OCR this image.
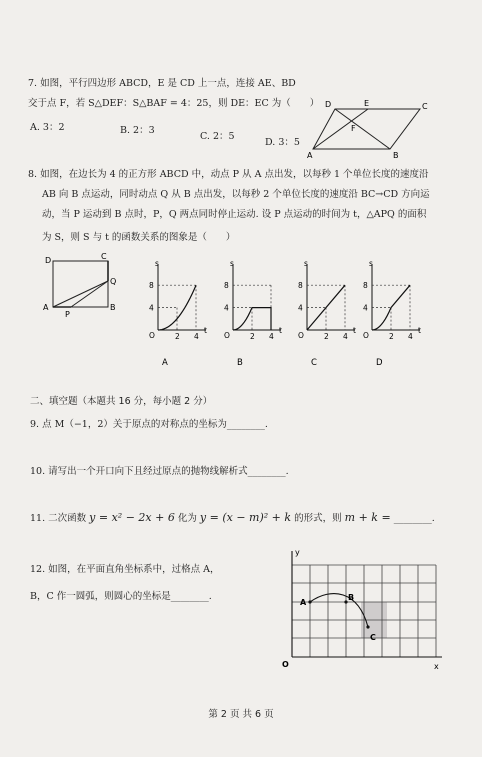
7. 如图，平行四边形 ABCD，E 是 CD 上一点，连接 AE、BD
交于点 F，若 S△DEF：S△BAF = 4：25，则 DE：EC 为（　　）
A. 3：2	B. 2：3
C. 2：5
D. 3：5
D	E	C
F
A	B
8. 如图，在边长为 4 的正方形 ABCD 中，动点 P 从 A 点出发，以每秒 1 个单位长度的速度沿
AB 向 B 点运动，同时动点 Q 从 B 点出发，以每秒 2 个单位长度的速度沿 BC→CD 方向运
动，当 P 运动到 B 点时，P，Q 两点同时停止运动. 设 P 点运动的时间为 t，△APQ 的面积
为 S，则 S 与 t 的函数关系的图象是（　　）
D	C
Q
A
P
B
s
t
O
8
4
2 4
A
s
t
O
8
4
2 4
B
s
t
O
8
4
2 4
C
s
t
O
8
4
2 4
D
二、填空题（本题共 16 分，每小题 2 分）
9. 点 M（−1，2）关于原点的对称点的坐标为________.
10. 请写出一个开口向下且经过原点的抛物线解析式________.
11. 二次函数 y = x² − 2x + 6 化为 y = (x − m)² + k 的形式，则 m + k = ________.
12. 如图，在平面直角坐标系中，过格点 A，
B，C 作一圆弧，则圆心的坐标是________.
y
x
O
A
B
C
第 2 页 共 6 页
